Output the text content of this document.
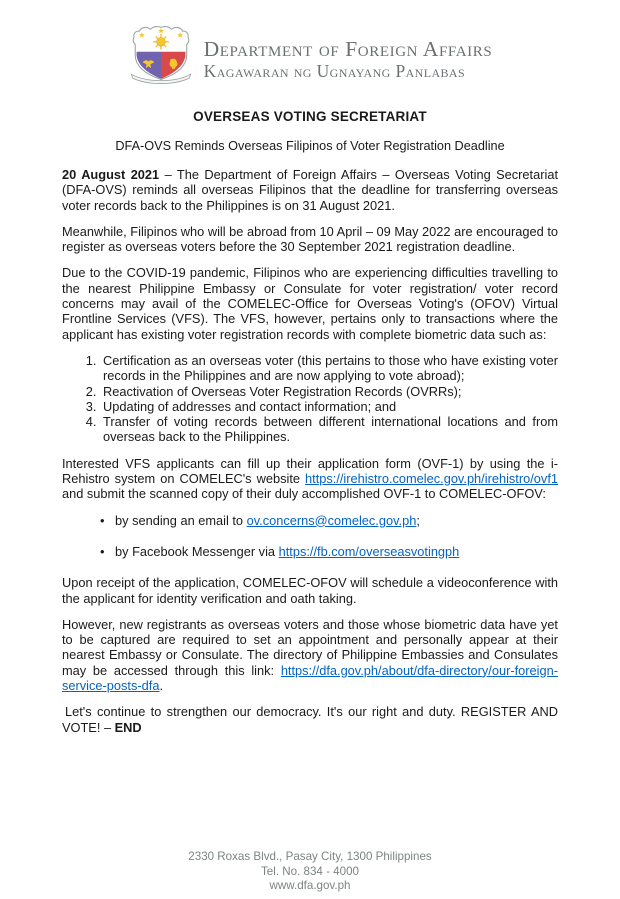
Department of Foreign Affairs
Kagawaran ng Ugnayang Panlabas
OVERSEAS VOTING SECRETARIAT
DFA-OVS Reminds Overseas Filipinos of Voter Registration Deadline

20 August 2021 – The Department of Foreign Affairs – Overseas Voting Secretariat (DFA-OVS) reminds all overseas Filipinos that the deadline for transferring overseas voter records back to the Philippines is on 31 August 2021.

Meanwhile, Filipinos who will be abroad from 10 April – 09 May 2022 are encouraged to register as overseas voters before the 30 September 2021 registration deadline.

Due to the COVID-19 pandemic, Filipinos who are experiencing difficulties travelling to the nearest Philippine Embassy or Consulate for voter registration/ voter record concerns may avail of the COMELEC-Office for Overseas Voting's (OFOV) Virtual Frontline Services (VFS). The VFS, however, pertains only to transactions where the applicant has existing voter registration records with complete biometric data such as:

1. Certification as an overseas voter (this pertains to those who have existing voter records in the Philippines and are now applying to vote abroad);
2. Reactivation of Overseas Voter Registration Records (OVRRs);
3. Updating of addresses and contact information; and
4. Transfer of voting records between different international locations and from overseas back to the Philippines.

Interested VFS applicants can fill up their application form (OVF-1) by using the i-Rehistro system on COMELEC's website https://irehistro.comelec.gov.ph/irehistro/ovf1 and submit the scanned copy of their duly accomplished OVF-1 to COMELEC-OFOV:

• by sending an email to ov.concerns@comelec.gov.ph;
• by Facebook Messenger via https://fb.com/overseasvotingph

Upon receipt of the application, COMELEC-OFOV will schedule a videoconference with the applicant for identity verification and oath taking.

However, new registrants as overseas voters and those whose biometric data have yet to be captured are required to set an appointment and personally appear at their nearest Embassy or Consulate. The directory of Philippine Embassies and Consulates may be accessed through this link: https://dfa.gov.ph/about/dfa-directory/our-foreign-service-posts-dfa.

Let's continue to strengthen our democracy. It's our right and duty. REGISTER AND VOTE! – END

2330 Roxas Blvd., Pasay City, 1300 Philippines
Tel. No. 834 - 4000
www.dfa.gov.ph
